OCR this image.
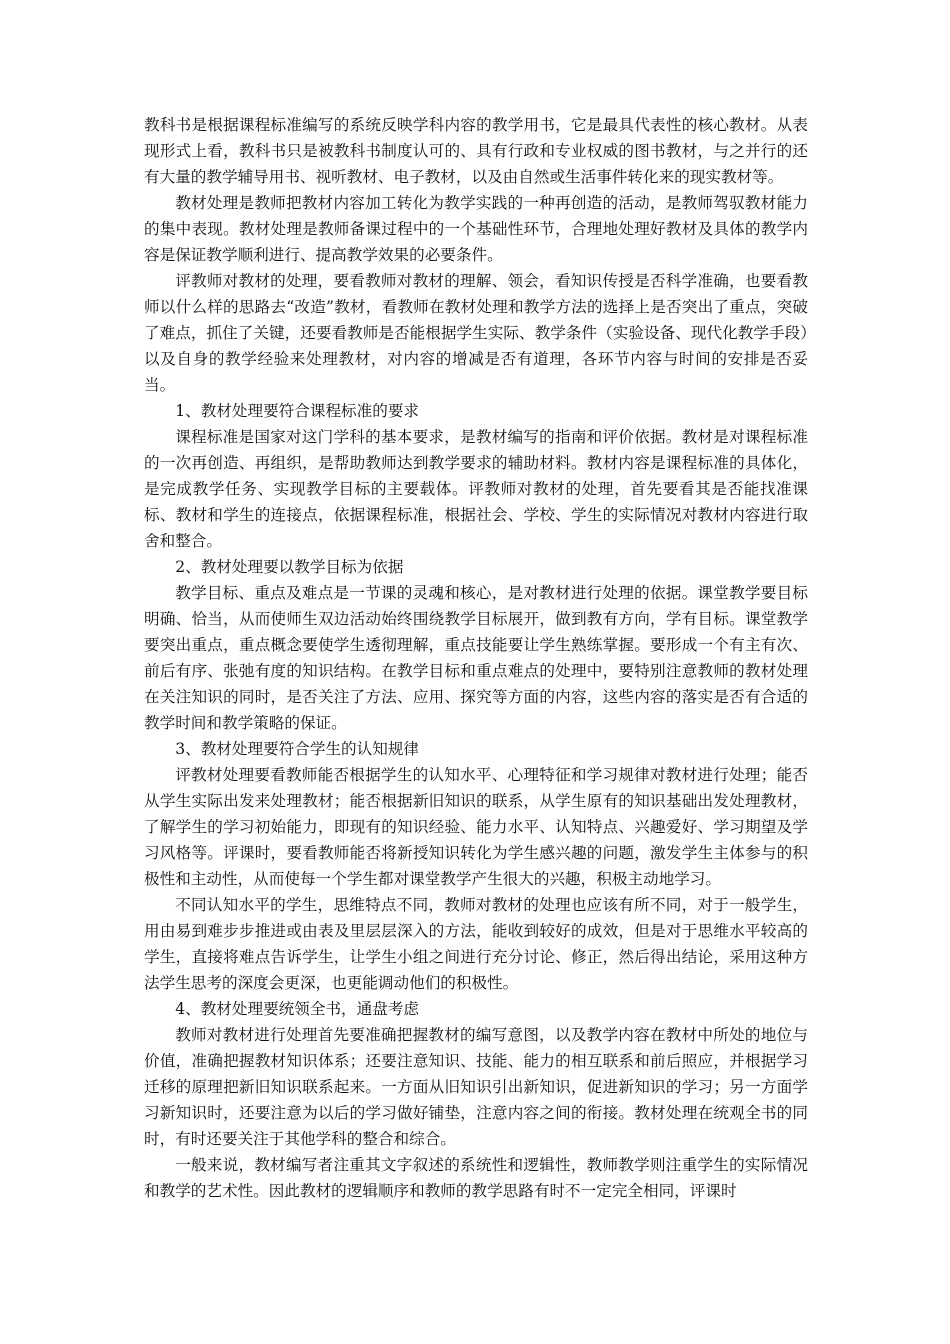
教科书是根据课程标准编写的系统反映学科内容的教学用书，它是最具代表性的核心教材。从表现形式上看，教科书只是被教科书制度认可的、具有行政和专业权威的图书教材，与之并行的还有大量的教学辅导用书、视听教材、电子教材，以及由自然或生活事件转化来的现实教材等。

教材处理是教师把教材内容加工转化为教学实践的一种再创造的活动，是教师驾驭教材能力的集中表现。教材处理是教师备课过程中的一个基础性环节，合理地处理好教材及具体的教学内容是保证教学顺利进行、提高教学效果的必要条件。

评教师对教材的处理，要看教师对教材的理解、领会，看知识传授是否科学准确，也要看教师以什么样的思路去“改造”教材，看教师在教材处理和教学方法的选择上是否突出了重点，突破了难点，抓住了关键，还要看教师是否能根据学生实际、教学条件（实验设备、现代化教学手段）以及自身的教学经验来处理教材，对内容的增减是否有道理，各环节内容与时间的安排是否妥当。

1、教材处理要符合课程标准的要求

课程标准是国家对这门学科的基本要求，是教材编写的指南和评价依据。教材是对课程标准的一次再创造、再组织，是帮助教师达到教学要求的辅助材料。教材内容是课程标准的具体化，是完成教学任务、实现教学目标的主要载体。评教师对教材的处理，首先要看其是否能找准课标、教材和学生的连接点，依据课程标准，根据社会、学校、学生的实际情况对教材内容进行取舍和整合。

2、教材处理要以教学目标为依据

教学目标、重点及难点是一节课的灵魂和核心，是对教材进行处理的依据。课堂教学要目标明确、恰当，从而使师生双边活动始终围绕教学目标展开，做到教有方向，学有目标。课堂教学要突出重点，重点概念要使学生透彻理解，重点技能要让学生熟练掌握。要形成一个有主有次、前后有序、张弛有度的知识结构。在教学目标和重点难点的处理中，要特别注意教师的教材处理在关注知识的同时，是否关注了方法、应用、探究等方面的内容，这些内容的落实是否有合适的教学时间和教学策略的保证。

3、教材处理要符合学生的认知规律

评教材处理要看教师能否根据学生的认知水平、心理特征和学习规律对教材进行处理；能否从学生实际出发来处理教材；能否根据新旧知识的联系，从学生原有的知识基础出发处理教材，了解学生的学习初始能力，即现有的知识经验、能力水平、认知特点、兴趣爱好、学习期望及学习风格等。评课时，要看教师能否将新授知识转化为学生感兴趣的问题，激发学生主体参与的积极性和主动性，从而使每一个学生都对课堂教学产生很大的兴趣，积极主动地学习。

不同认知水平的学生，思维特点不同，教师对教材的处理也应该有所不同，对于一般学生，用由易到难步步推进或由表及里层层深入的方法，能收到较好的成效，但是对于思维水平较高的学生，直接将难点告诉学生，让学生小组之间进行充分讨论、修正，然后得出结论，采用这种方法学生思考的深度会更深，也更能调动他们的积极性。

4、教材处理要统领全书，通盘考虑

教师对教材进行处理首先要准确把握教材的编写意图，以及教学内容在教材中所处的地位与价值，准确把握教材知识体系；还要注意知识、技能、能力的相互联系和前后照应，并根据学习迁移的原理把新旧知识联系起来。一方面从旧知识引出新知识，促进新知识的学习；另一方面学习新知识时，还要注意为以后的学习做好铺垫，注意内容之间的衔接。教材处理在统观全书的同时，有时还要关注于其他学科的整合和综合。

一般来说，教材编写者注重其文字叙述的系统性和逻辑性，教师教学则注重学生的实际情况和教学的艺术性。因此教材的逻辑顺序和教师的教学思路有时不一定完全相同，评课时
